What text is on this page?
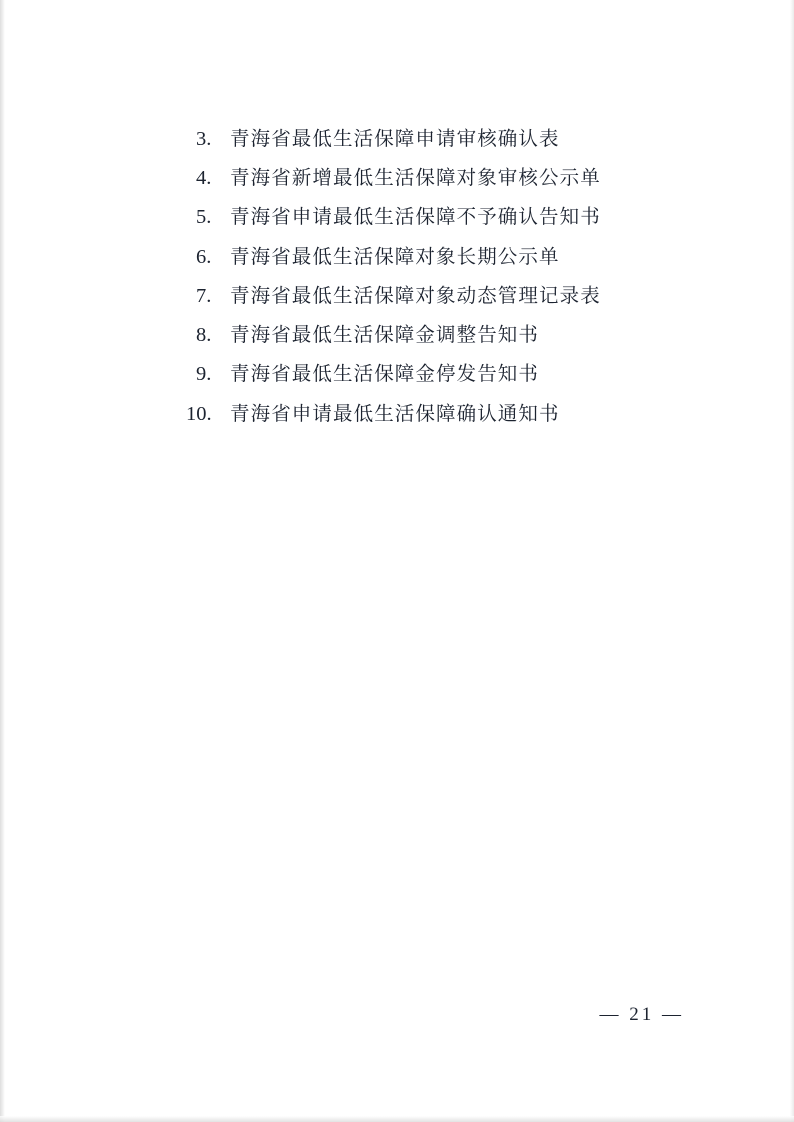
3. 青海省最低生活保障申请审核确认表
4. 青海省新增最低生活保障对象审核公示单
5. 青海省申请最低生活保障不予确认告知书
6. 青海省最低生活保障对象长期公示单
7. 青海省最低生活保障对象动态管理记录表
8. 青海省最低生活保障金调整告知书
9. 青海省最低生活保障金停发告知书
10. 青海省申请最低生活保障确认通知书
— 21 —
